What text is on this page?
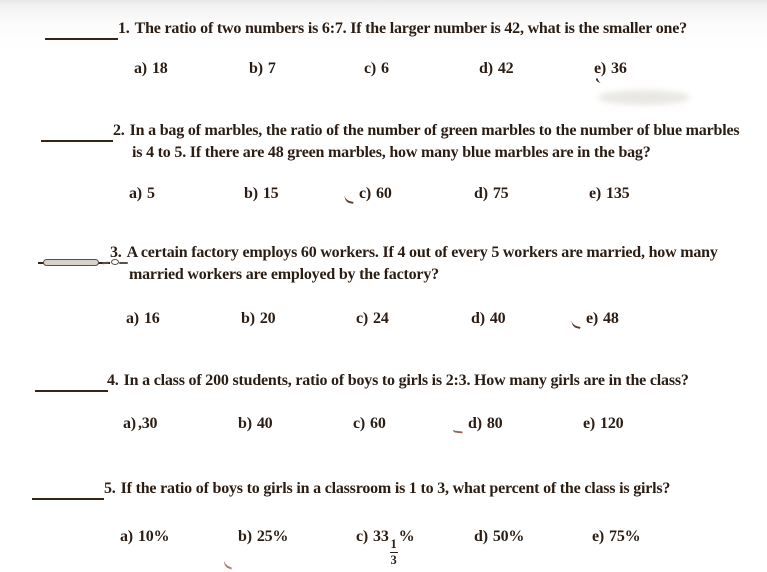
1. The ratio of two numbers is 6:7. If the larger number is 42, what is the smaller one?

a) 18	b) 7	c) 6	d) 42	e) 36

2. In a bag of marbles, the ratio of the number of green marbles to the number of blue marbles
is 4 to 5. If there are 48 green marbles, how many blue marbles are in the bag?

a) 5	b) 15	c) 60	d) 75	e) 135

3. A certain factory employs 60 workers. If 4 out of every 5 workers are married, how many
married workers are employed by the factory?

a) 16	b) 20	c) 24	d) 40	e) 48

4. In a class of 200 students, ratio of boys to girls is 2:3. How many girls are in the class?

a) ,30	b) 40	c) 60	d) 80	e) 120

5. If the ratio of boys to girls in a classroom is 1 to 3, what percent of the class is girls?

a) 10%	b) 25%	c) 33
$\frac{1}{3}$
%	d) 50%	e) 75%
